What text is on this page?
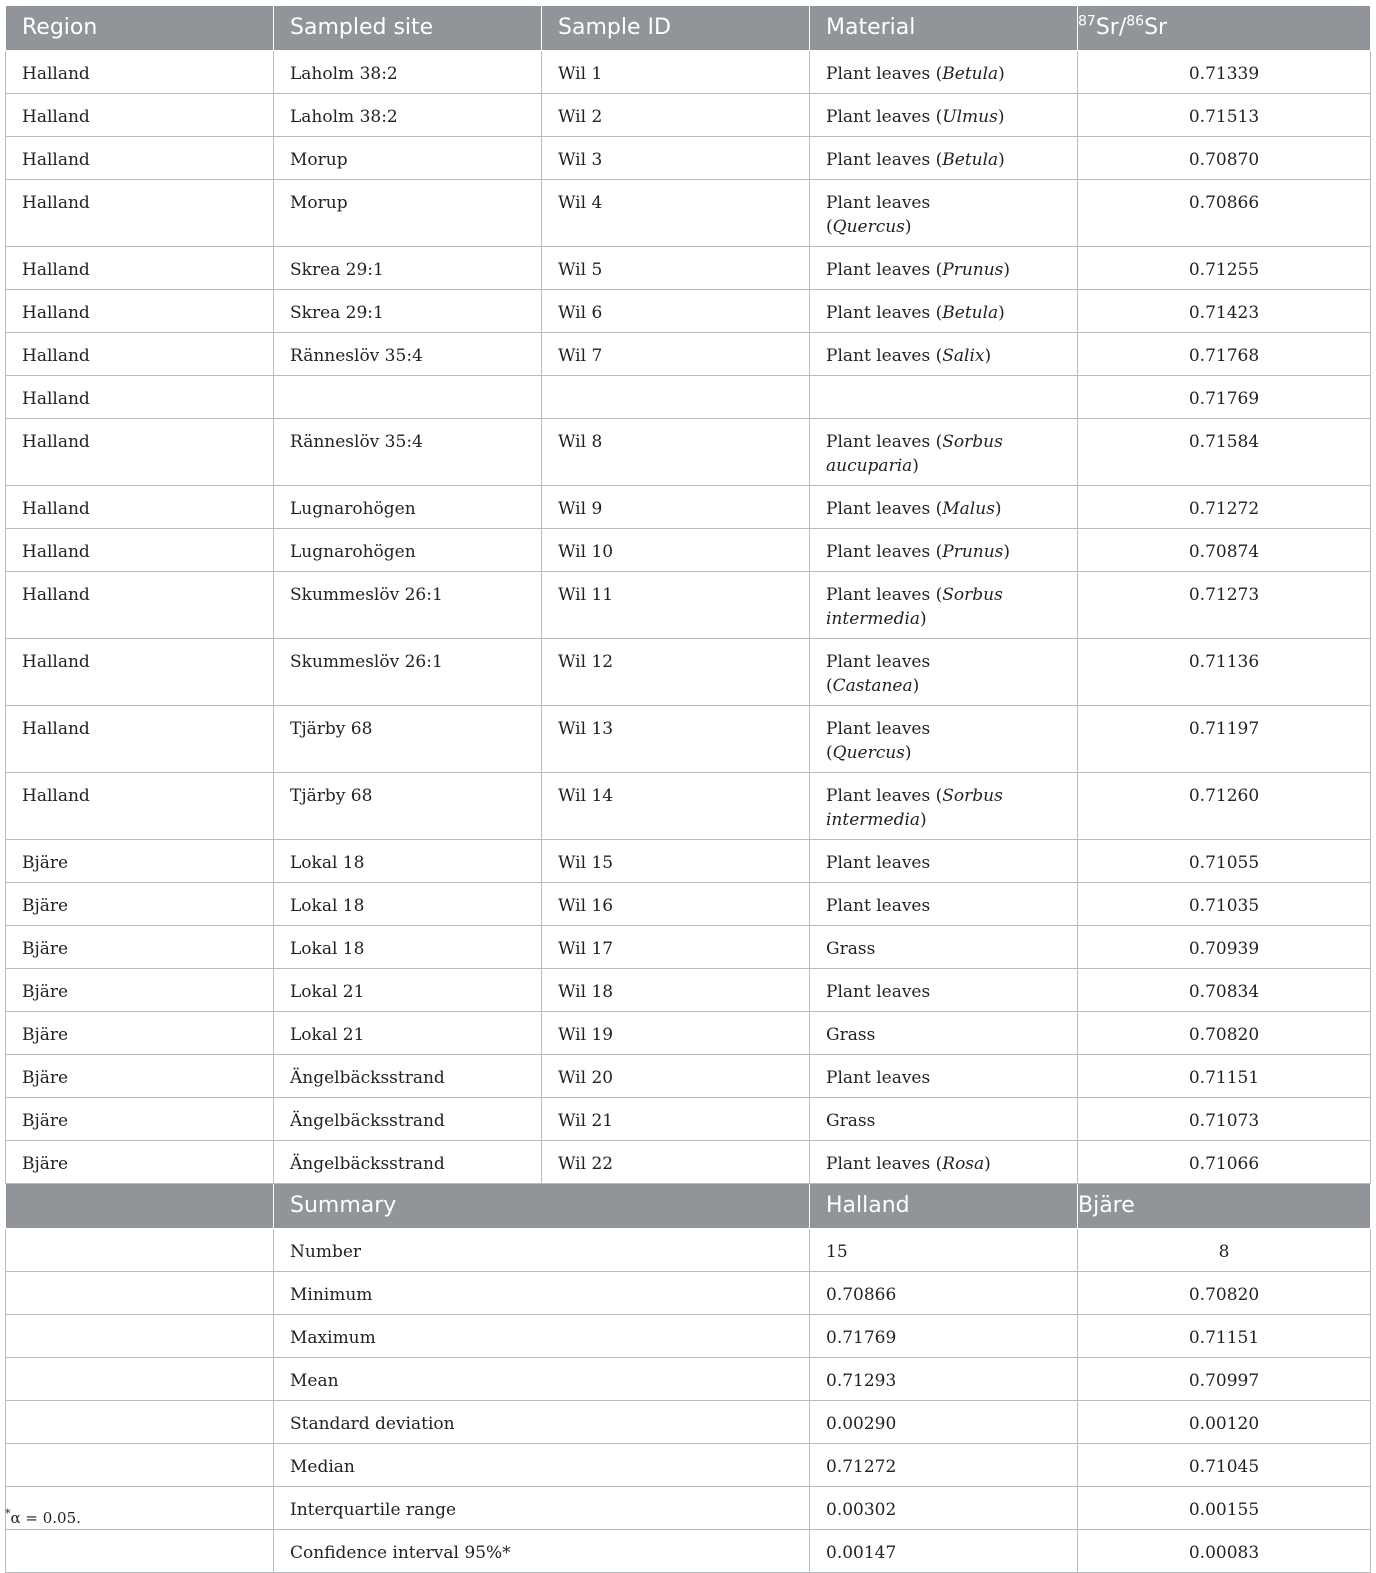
Region	Sampled site	Sample ID	Material	$^{87}$Sr/$^{86}$Sr
Halland	Laholm 38:2	Wil 1	Plant leaves (Betula)	0.71339
Halland	Laholm 38:2	Wil 2	Plant leaves (Ulmus)	0.71513
Halland	Morup	Wil 3	Plant leaves (Betula)	0.70870
Halland	Morup	Wil 4	Plant leaves (Quercus)	0.70866
Halland	Skrea 29:1	Wil 5	Plant leaves (Prunus)	0.71255
Halland	Skrea 29:1	Wil 6	Plant leaves (Betula)	0.71423
Halland	Ränneslöv 35:4	Wil 7	Plant leaves (Salix)	0.71768
Halland				0.71769
Halland	Ränneslöv 35:4	Wil 8	Plant leaves (Sorbus aucuparia)	0.71584
Halland	Lugnarohögen	Wil 9	Plant leaves (Malus)	0.71272
Halland	Lugnarohögen	Wil 10	Plant leaves (Prunus)	0.70874
Halland	Skummeslöv 26:1	Wil 11	Plant leaves (Sorbus intermedia)	0.71273
Halland	Skummeslöv 26:1	Wil 12	Plant leaves (Castanea)	0.71136
Halland	Tjärby 68	Wil 13	Plant leaves (Quercus)	0.71197
Halland	Tjärby 68	Wil 14	Plant leaves (Sorbus intermedia)	0.71260
Bjäre	Lokal 18	Wil 15	Plant leaves	0.71055
Bjäre	Lokal 18	Wil 16	Plant leaves	0.71035
Bjäre	Lokal 18	Wil 17	Grass	0.70939
Bjäre	Lokal 21	Wil 18	Plant leaves	0.70834
Bjäre	Lokal 21	Wil 19	Grass	0.70820
Bjäre	Ängelbäcksstrand	Wil 20	Plant leaves	0.71151
Bjäre	Ängelbäcksstrand	Wil 21	Grass	0.71073
Bjäre	Ängelbäcksstrand	Wil 22	Plant leaves (Rosa)	0.71066
	Summary		Halland	Bjäre
	Number		15	8
	Minimum		0.70866	0.70820
	Maximum		0.71769	0.71151
	Mean		0.71293	0.70997
	Standard deviation		0.00290	0.00120
	Median		0.71272	0.71045
	Interquartile range		0.00302	0.00155
	Confidence interval 95%*		0.00147	0.00083
*α = 0.05.
